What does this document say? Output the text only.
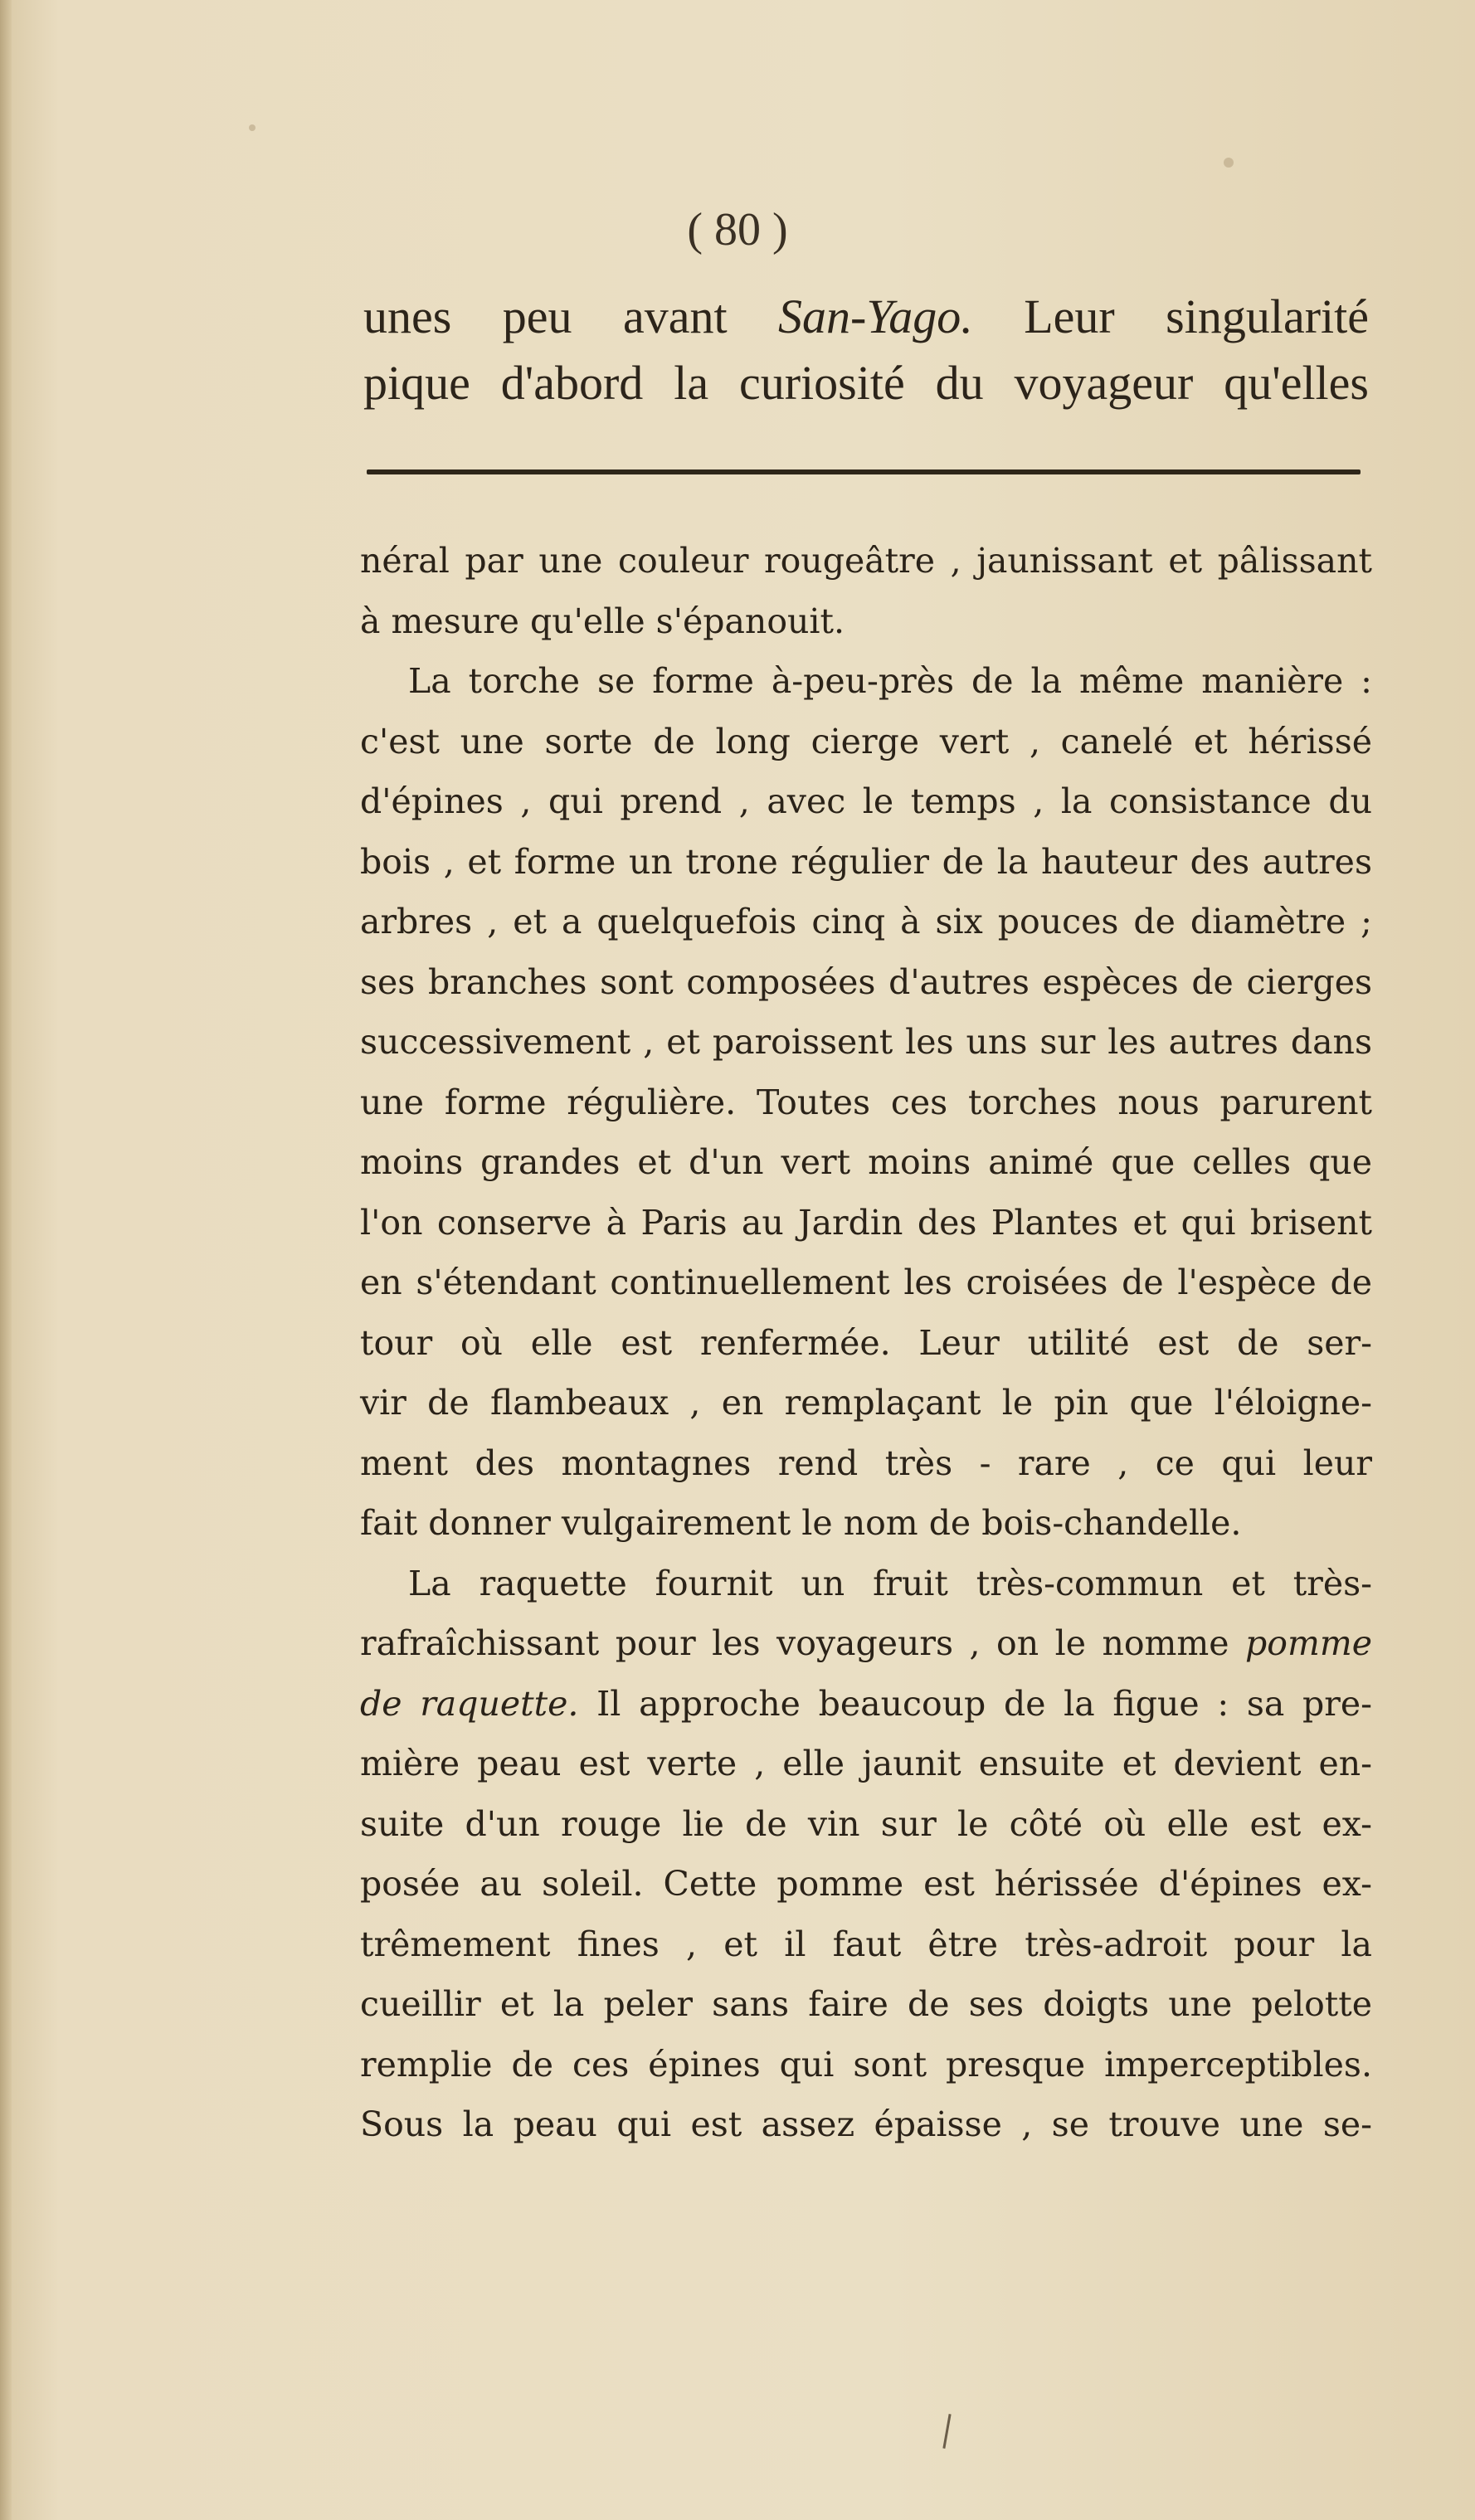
( 80 )
unes peu avant San-Yago. Leur singularité
pique d'abord la curiosité du voyageur qu'elles
néral par une couleur rougeâtre , jaunissant et pâlissant
à mesure qu'elle s'épanouit.
La torche se forme à-peu-près de la même manière :
c'est une sorte de long cierge vert , canelé et hérissé
d'épines , qui prend , avec le temps , la consistance du
bois , et forme un trone régulier de la hauteur des autres
arbres , et a quelquefois cinq à six pouces de diamètre ;
ses branches sont composées d'autres espèces de cierges
successivement , et paroissent les uns sur les autres dans
une forme régulière. Toutes ces torches nous parurent
moins grandes et d'un vert moins animé que celles que
l'on conserve à Paris au Jardin des Plantes et qui brisent
en s'étendant continuellement les croisées de l'espèce de
tour où elle est renfermée. Leur utilité est de ser-
vir de flambeaux , en remplaçant le pin que l'éloigne-
ment des montagnes rend très - rare , ce qui leur
fait donner vulgairement le nom de bois-chandelle.
La raquette fournit un fruit très-commun et très-
rafraîchissant pour les voyageurs , on le nomme pomme
de raquette. Il approche beaucoup de la figue : sa pre-
mière peau est verte , elle jaunit ensuite et devient en-
suite d'un rouge lie de vin sur le côté où elle est ex-
posée au soleil. Cette pomme est hérissée d'épines ex-
trêmement fines , et il faut être très-adroit pour la
cueillir et la peler sans faire de ses doigts une pelotte
remplie de ces épines qui sont presque imperceptibles.
Sous la peau qui est assez épaisse , se trouve une se-
